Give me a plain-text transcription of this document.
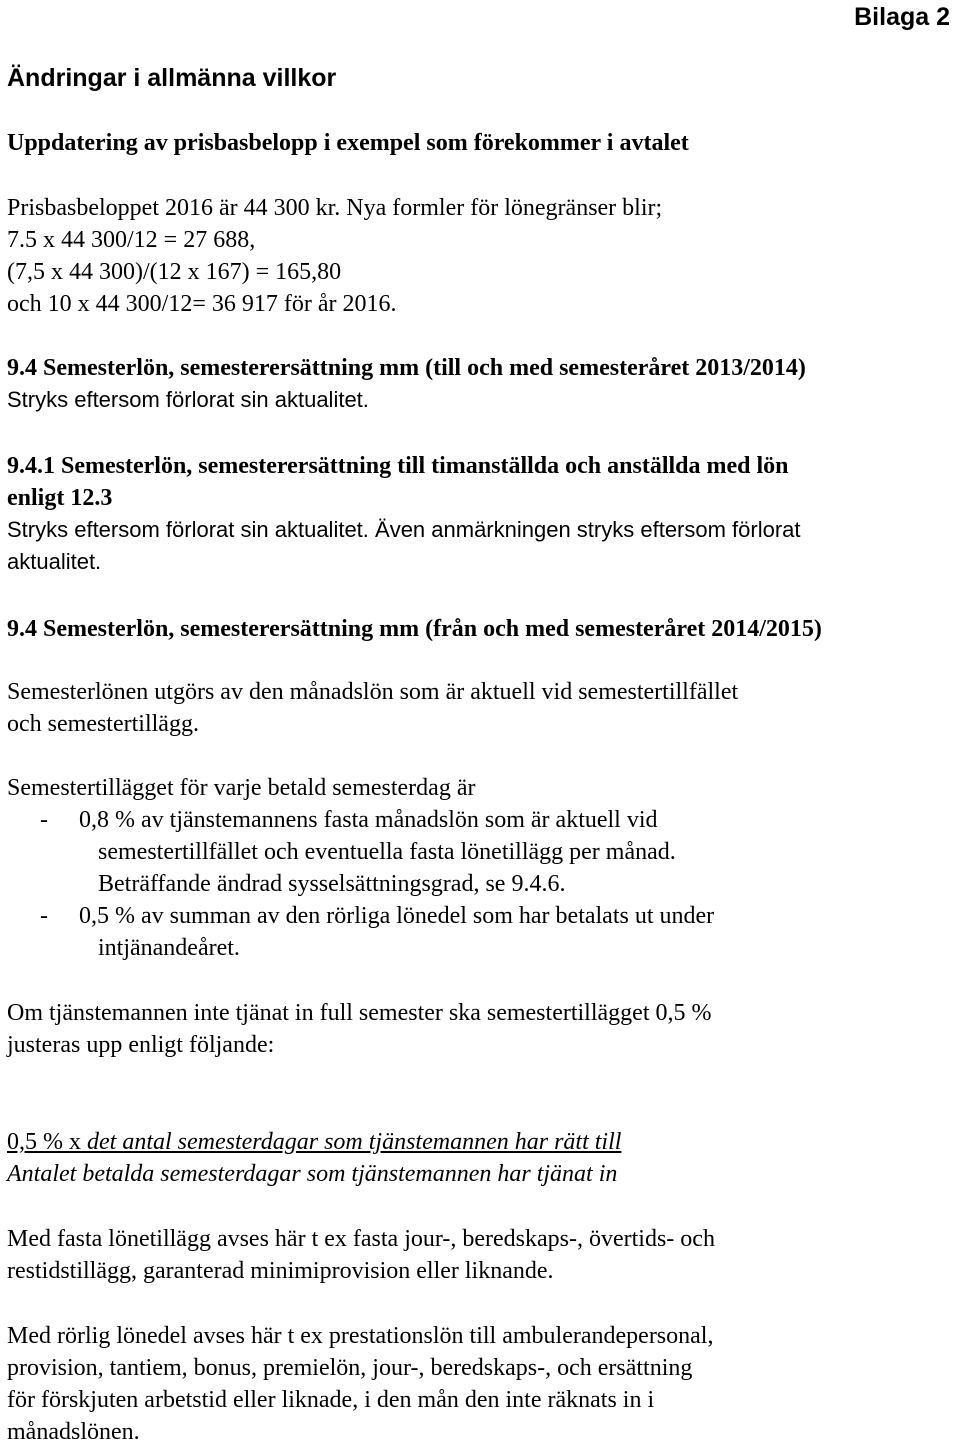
Bilaga 2
Ändringar i allmänna villkor

Uppdatering av prisbasbelopp i exempel som förekommer i avtalet

Prisbasbeloppet 2016 är 44 300 kr. Nya formler för lönegränser blir;
7.5 x 44 300/12 = 27 688,
(7,5 x 44 300)/(12 x 167) = 165,80
och 10 x 44 300/12= 36 917 för år 2016.
9.4 Semesterlön, semesterersättning mm (till och med semesteråret 2013/2014)
Stryks eftersom förlorat sin aktualitet.
9.4.1 Semesterlön, semesterersättning till timanställda och anställda med lön
enligt 12.3
Stryks eftersom förlorat sin aktualitet. Även anmärkningen stryks eftersom förlorat
aktualitet.

9.4 Semesterlön, semesterersättning mm (från och med semesteråret 2014/2015)

Semesterlönen utgörs av den månadslön som är aktuell vid semestertillfället
och semestertillägg.
Semestertillägget för varje betald semesterdag är
- 0,8 % av tjänstemannens fasta månadslön som är aktuell vid
semestertillfället och eventuella fasta lönetillägg per månad.
Beträffande ändrad sysselsättningsgrad, se 9.4.6.
- 0,5 % av summan av den rörliga lönedel som har betalats ut under
intjänandeåret.
Om tjänstemannen inte tjänat in full semester ska semestertillägget 0,5 %
justeras upp enligt följande:
0,5 % x det antal semesterdagar som tjänstemannen har rätt till
Antalet betalda semesterdagar som tjänstemannen har tjänat in
Med fasta lönetillägg avses här t ex fasta jour-, beredskaps-, övertids- och
restidstillägg, garanterad minimiprovision eller liknande.
Med rörlig lönedel avses här t ex prestationslön till ambulerandepersonal,
provision, tantiem, bonus, premielön, jour-, beredskaps-, och ersättning
för förskjuten arbetstid eller liknade, i den mån den inte räknats in i
månadslönen.
